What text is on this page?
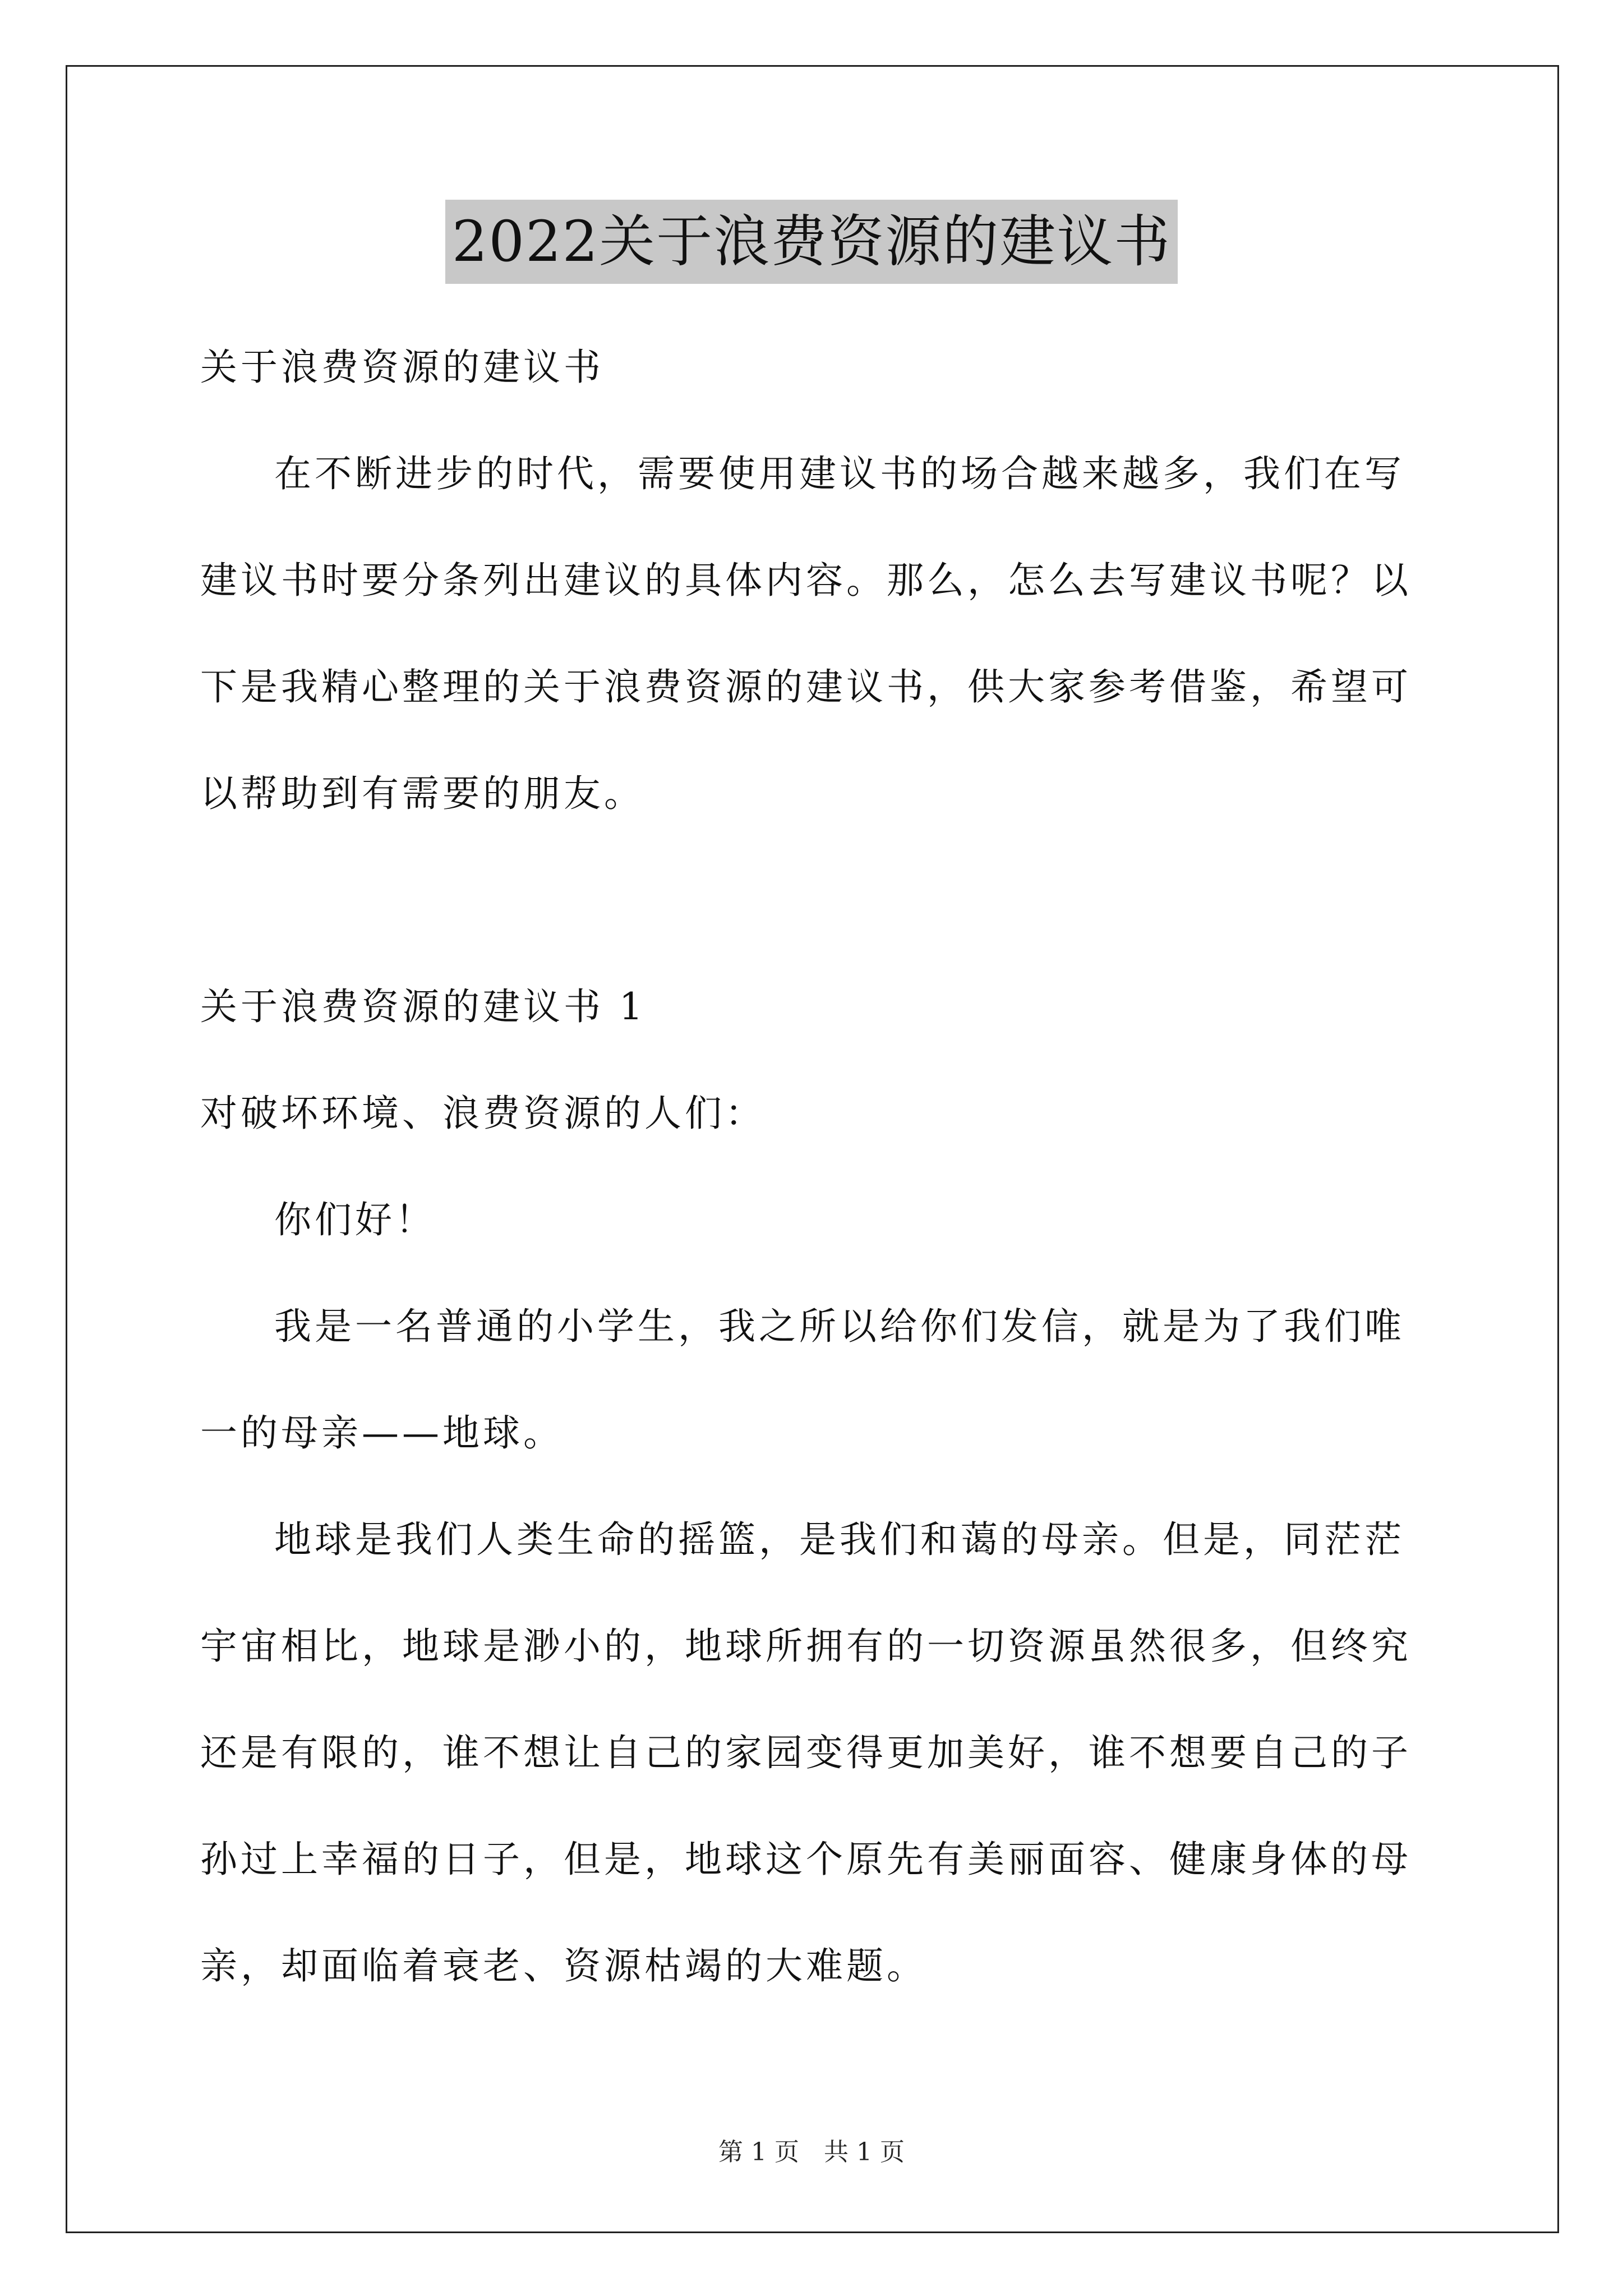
2022关于浪费资源的建议书

关于浪费资源的建议书

在不断进步的时代，需要使用建议书的场合越来越多，我们在写建议书时要分条列出建议的具体内容。那么，怎么去写建议书呢？以下是我精心整理的关于浪费资源的建议书，供大家参考借鉴，希望可以帮助到有需要的朋友。

关于浪费资源的建议书 1

对破坏环境、浪费资源的人们：

你们好！

我是一名普通的小学生，我之所以给你们发信，就是为了我们唯一的母亲——地球。

地球是我们人类生命的摇篮，是我们和蔼的母亲。但是，同茫茫宇宙相比，地球是渺小的，地球所拥有的一切资源虽然很多，但终究还是有限的，谁不想让自己的家园变得更加美好，谁不想要自己的子孙过上幸福的日子，但是，地球这个原先有美丽面容、健康身体的母亲，却面临着衰老、资源枯竭的大难题。

第 1 页　共 1 页
